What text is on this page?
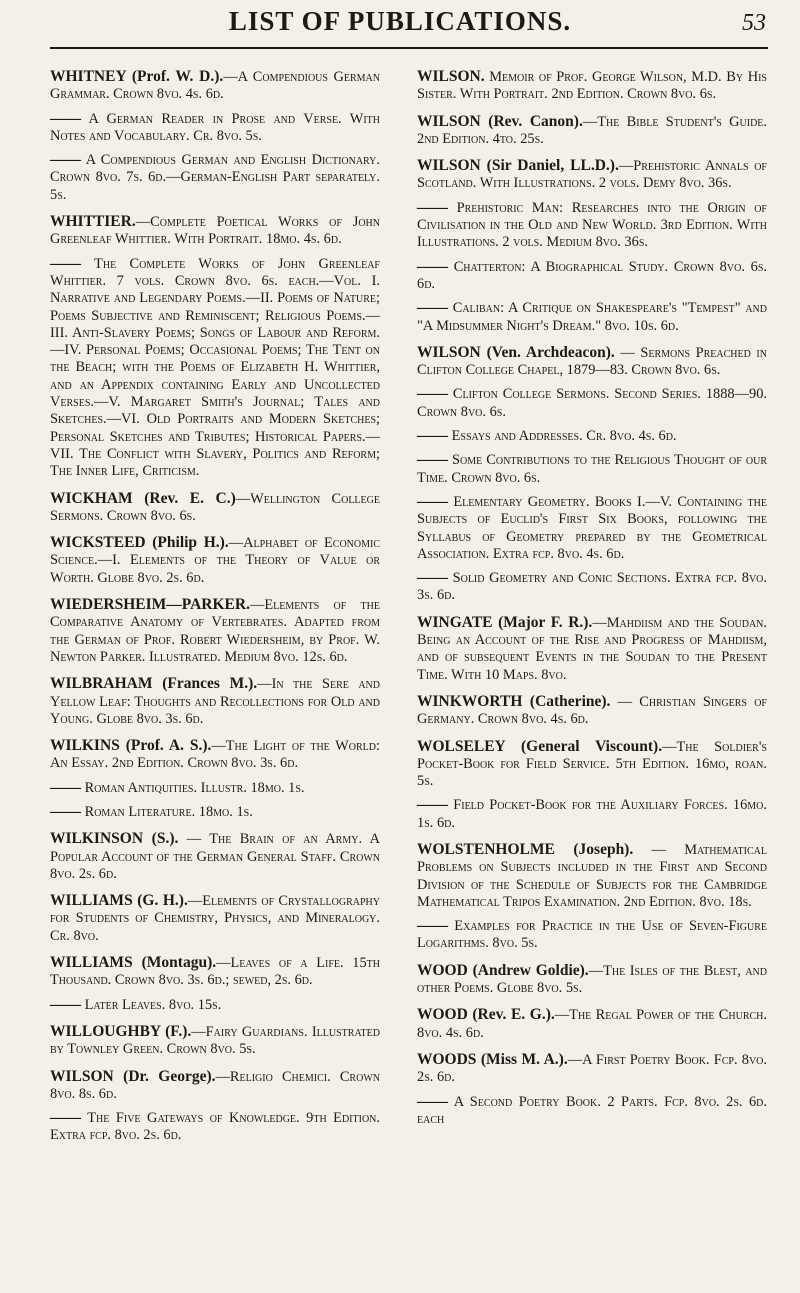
LIST OF PUBLICATIONS.	53
WHITNEY (Prof. W. D.).—A Compendious German Grammar. Crown 8vo. 4s. 6d.
—— A German Reader in Prose and Verse. With Notes and Vocabulary. Cr. 8vo. 5s.
—— A Compendious German and English Dictionary. Crown 8vo. 7s. 6d.—German-English Part separately. 5s.
WHITTIER.—Complete Poetical Works of John Greenleaf Whittier. With Portrait. 18mo. 4s. 6d.
—— The Complete Works of John Greenleaf Whittier. 7 vols. Crown 8vo. 6s. each.—Vol. I. Narrative and Legendary Poems.—II. Poems of Nature; Poems Subjective and Reminiscent; Religious Poems.—III. Anti-Slavery Poems; Songs of Labour and Reform.—IV. Personal Poems; Occasional Poems; The Tent on the Beach; with the Poems of Elizabeth H. Whittier, and an Appendix containing Early and Uncollected Verses.—V. Margaret Smith's Journal; Tales and Sketches.—VI. Old Portraits and Modern Sketches; Personal Sketches and Tributes; Historical Papers.—VII. The Conflict with Slavery, Politics and Reform; The Inner Life, Criticism.
WICKHAM (Rev. E. C.)—Wellington College Sermons. Crown 8vo. 6s.
WICKSTEED (Philip H.).—Alphabet of Economic Science.—I. Elements of the Theory of Value or Worth. Globe 8vo. 2s. 6d.
WIEDERSHEIM—PARKER.—Elements of the Comparative Anatomy of Vertebrates. Adapted from the German of Prof. Robert Wiedersheim, by Prof. W. Newton Parker. Illustrated. Medium 8vo. 12s. 6d.
WILBRAHAM (Frances M.).—In the Sere and Yellow Leaf: Thoughts and Recollections for Old and Young. Globe 8vo. 3s. 6d.
WILKINS (Prof. A. S.).—The Light of the World: An Essay. 2nd Edition. Crown 8vo. 3s. 6d.
—— Roman Antiquities. Illustr. 18mo. 1s.
—— Roman Literature. 18mo. 1s.
WILKINSON (S.). — The Brain of an Army. A Popular Account of the German General Staff. Crown 8vo. 2s. 6d.
WILLIAMS (G. H.).—Elements of Crystallography for Students of Chemistry, Physics, and Mineralogy. Cr. 8vo.
WILLIAMS (Montagu).—Leaves of a Life. 15th Thousand. Crown 8vo. 3s. 6d.; sewed, 2s. 6d.
—— Later Leaves. 8vo. 15s.
WILLOUGHBY (F.).—Fairy Guardians. Illustrated by Townley Green. Crown 8vo. 5s.
WILSON (Dr. George).—Religio Chemici. Crown 8vo. 8s. 6d.
—— The Five Gateways of Knowledge. 9th Edition. Extra fcp. 8vo. 2s. 6d.
WILSON. Memoir of Prof. George Wilson, M.D. By His Sister. With Portrait. 2nd Edition. Crown 8vo. 6s.
WILSON (Rev. Canon).—The Bible Student's Guide. 2nd Edition. 4to. 25s.
WILSON (Sir Daniel, LL.D.).—Prehistoric Annals of Scotland. With Illustrations. 2 vols. Demy 8vo. 36s.
—— Prehistoric Man: Researches into the Origin of Civilisation in the Old and New World. 3rd Edition. With Illustrations. 2 vols. Medium 8vo. 36s.
—— Chatterton: A Biographical Study. Crown 8vo. 6s. 6d.
—— Caliban: A Critique on Shakespeare's "Tempest" and "A Midsummer Night's Dream." 8vo. 10s. 6d.
WILSON (Ven. Archdeacon). — Sermons Preached in Clifton College Chapel, 1879—83. Crown 8vo. 6s.
—— Clifton College Sermons. Second Series. 1888—90. Crown 8vo. 6s.
—— Essays and Addresses. Cr. 8vo. 4s. 6d.
—— Some Contributions to the Religious Thought of our Time. Crown 8vo. 6s.
—— Elementary Geometry. Books I.—V. Containing the Subjects of Euclid's First Six Books, following the Syllabus of Geometry prepared by the Geometrical Association. Extra fcp. 8vo. 4s. 6d.
—— Solid Geometry and Conic Sections. Extra fcp. 8vo. 3s. 6d.
WINGATE (Major F. R.).—Mahdiism and the Soudan. Being an Account of the Rise and Progress of Mahdiism, and of subsequent Events in the Soudan to the Present Time. With 10 Maps. 8vo.
WINKWORTH (Catherine). — Christian Singers of Germany. Crown 8vo. 4s. 6d.
WOLSELEY (General Viscount).—The Soldier's Pocket-Book for Field Service. 5th Edition. 16mo, roan. 5s.
—— Field Pocket-Book for the Auxiliary Forces. 16mo. 1s. 6d.
WOLSTENHOLME (Joseph). — Mathematical Problems on Subjects included in the First and Second Division of the Schedule of Subjects for the Cambridge Mathematical Tripos Examination. 2nd Edition. 8vo. 18s.
—— Examples for Practice in the Use of Seven-Figure Logarithms. 8vo. 5s.
WOOD (Andrew Goldie).—The Isles of the Blest, and other Poems. Globe 8vo. 5s.
WOOD (Rev. E. G.).—The Regal Power of the Church. 8vo. 4s. 6d.
WOODS (Miss M. A.).—A First Poetry Book. Fcp. 8vo. 2s. 6d.
—— A Second Poetry Book. 2 Parts. Fcp. 8vo. 2s. 6d. each
